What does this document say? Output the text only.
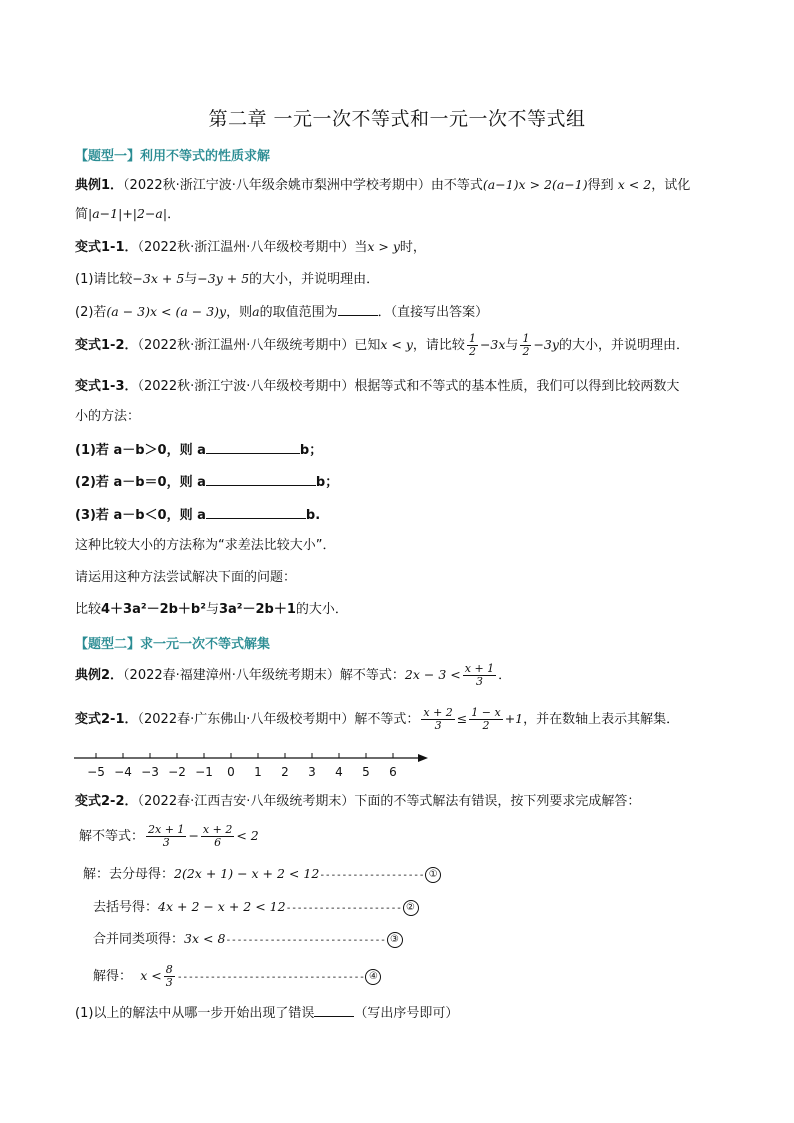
第二章 一元一次不等式和一元一次不等式组
【题型一】利用不等式的性质求解
典例1．（2022秋·浙江宁波·八年级余姚市梨洲中学校考期中）由不等式(a−1)x > 2(a−1)得到 x < 2，试化
简|a−1|+|2−a|．
变式1-1．（2022秋·浙江温州·八年级校考期中）当x > y时，
(1)请比较−3x + 5与−3y + 5的大小，并说明理由．
(2)若(a − 3)x < (a − 3)y，则a的取值范围为	．（直接写出答案）
变式1-2．（2022秋·浙江温州·八年级统考期中）已知x < y，请比较 $\frac{1}{2} -3x$与 $\frac{1}{2} -3y$的大小，并说明理由．
变式1-3．（2022秋·浙江宁波·八年级校考期中）根据等式和不等式的基本性质，我们可以得到比较两数大
小的方法：
(1)若 a－b＞0，则 a	b；
(2)若 a－b＝0，则 a	b；
(3)若 a－b＜0，则 a	b.
这种比较大小的方法称为“求差法比较大小”．
请运用这种方法尝试解决下面的问题：
比较4＋3a²－2b＋b²与3a²－2b＋1的大小．
【题型二】求一元一次不等式解集
典例2．（2022春·福建漳州·八年级统考期末）解不等式：$2x - 3 < \frac{x + 1}{3}$ ．
变式2-1．（2022春·广东佛山·八年级校考期中）解不等式： $\frac{x + 2}{3} \le \frac{1 - x}{2} +1$，并在数轴上表示其解集．
−5 −4 −3 −2 −1 0 1 2 3 4 5 6
变式2-2．（2022春·江西吉安·八年级统考期末）下面的不等式解法有错误，按下列要求完成解答：
解不等式： $\frac{2x + 1}{3} - \frac{x + 2}{6} < 2$
解：去分母得：2(2x + 1) − x + 2 < 12------------------- ①
去括号得：4x + 2 − x + 2 < 12--------------------- ②
合并同类项得：3x < 8----------------------------- ③
解得： $x < \frac{8}{3}$ ---------------------------------- ④
(1)以上的解法中从哪一步开始出现了错误	（写出序号即可）
